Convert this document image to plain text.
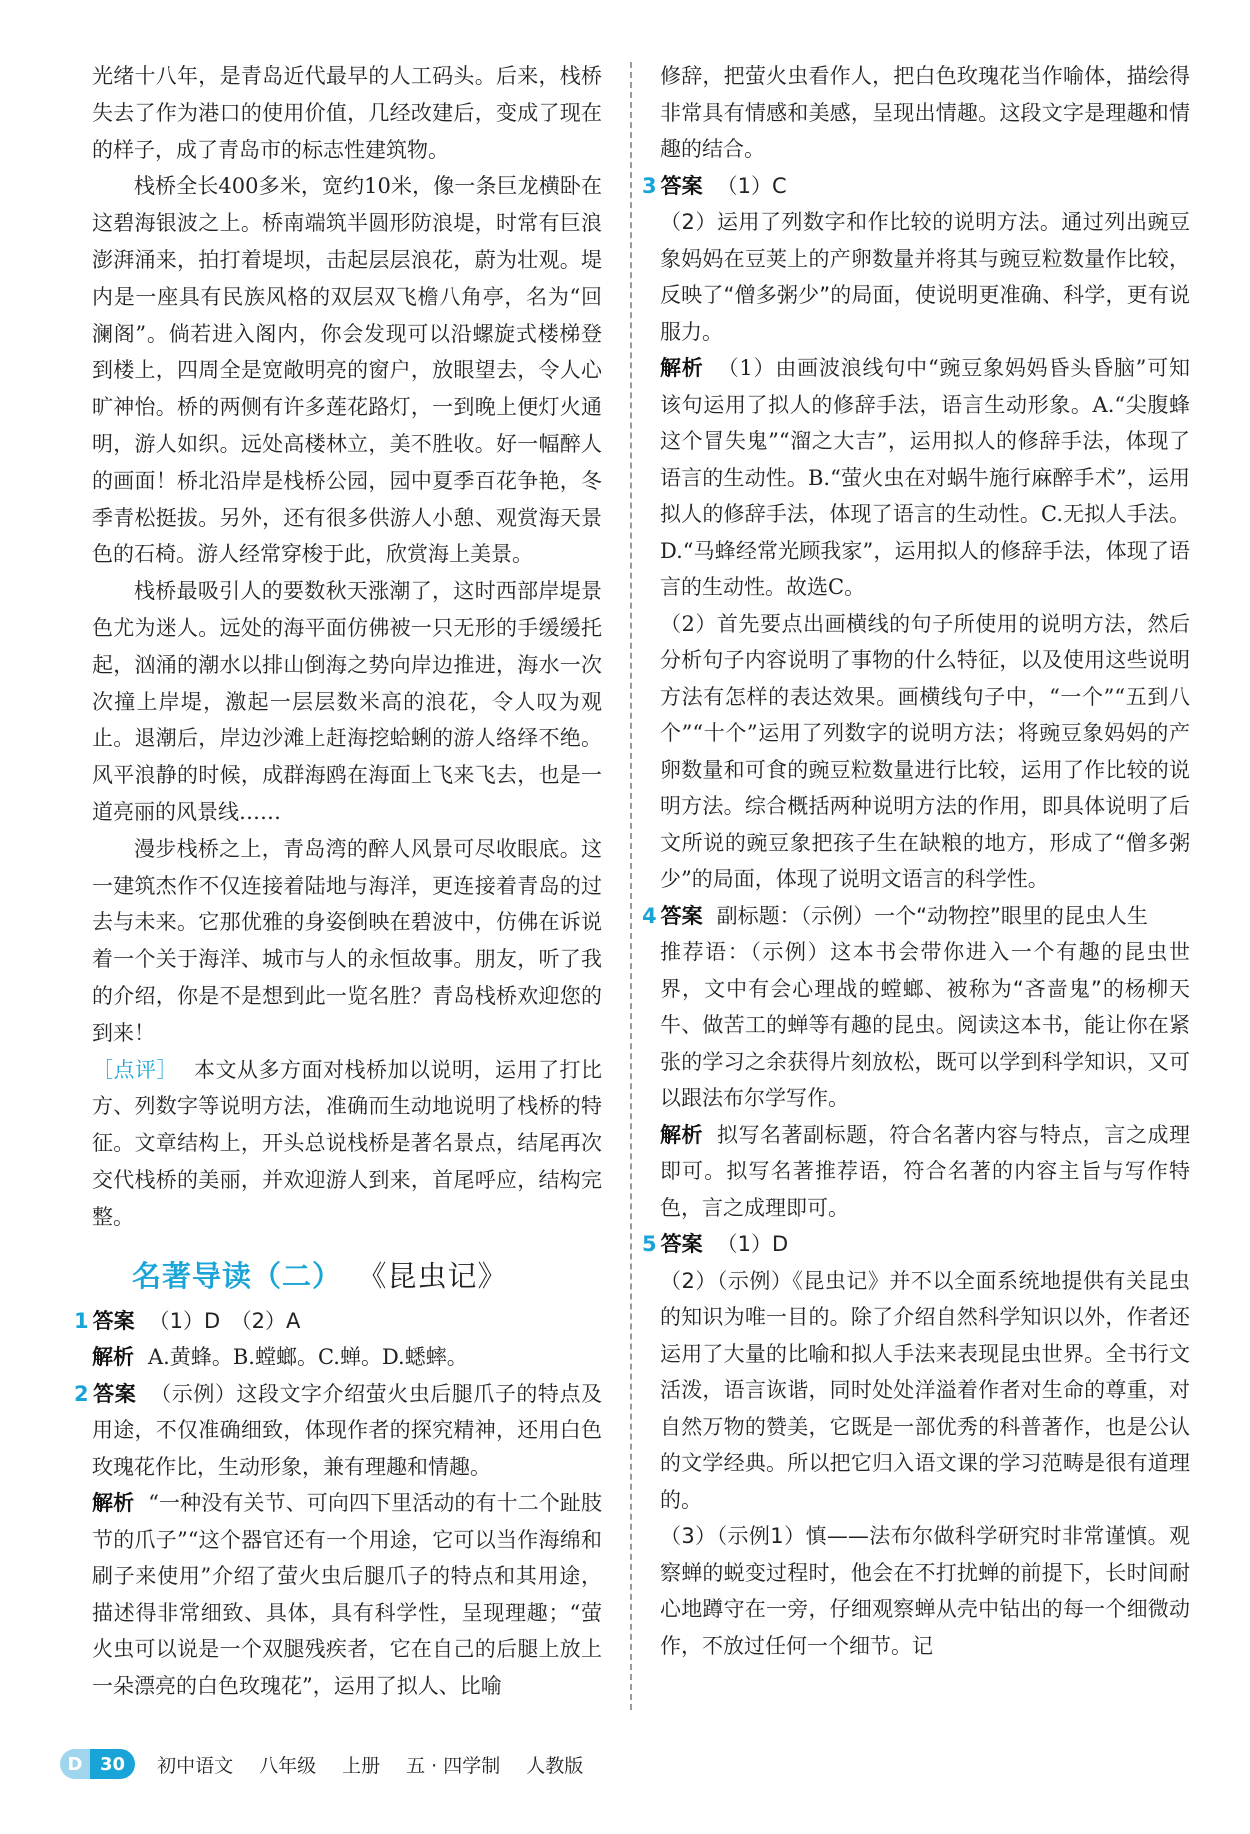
光绪十八年，是青岛近代最早的人工码头。后来，栈桥失去了作为港口的使用价值，几经改建后，变成了现在的样子，成了青岛市的标志性建筑物。

栈桥全长400多米，宽约10米，像一条巨龙横卧在这碧海银波之上。桥南端筑半圆形防浪堤，时常有巨浪澎湃涌来，拍打着堤坝，击起层层浪花，蔚为壮观。堤内是一座具有民族风格的双层双飞檐八角亭，名为“回澜阁”。倘若进入阁内，你会发现可以沿螺旋式楼梯登到楼上，四周全是宽敞明亮的窗户，放眼望去，令人心旷神怡。桥的两侧有许多莲花路灯，一到晚上便灯火通明，游人如织。远处高楼林立，美不胜收。好一幅醉人的画面！桥北沿岸是栈桥公园，园中夏季百花争艳，冬季青松挺拔。另外，还有很多供游人小憩、观赏海天景色的石椅。游人经常穿梭于此，欣赏海上美景。

栈桥最吸引人的要数秋天涨潮了，这时西部岸堤景色尤为迷人。远处的海平面仿佛被一只无形的手缓缓托起，汹涌的潮水以排山倒海之势向岸边推进，海水一次次撞上岸堤，激起一层层数米高的浪花，令人叹为观止。退潮后，岸边沙滩上赶海挖蛤蜊的游人络绎不绝。风平浪静的时候，成群海鸥在海面上飞来飞去，也是一道亮丽的风景线……

漫步栈桥之上，青岛湾的醉人风景可尽收眼底。这一建筑杰作不仅连接着陆地与海洋，更连接着青岛的过去与未来。它那优雅的身姿倒映在碧波中，仿佛在诉说着一个关于海洋、城市与人的永恒故事。朋友，听了我的介绍，你是不是想到此一览名胜？青岛栈桥欢迎您的到来！

［点评］ 本文从多方面对栈桥加以说明，运用了打比方、列数字等说明方法，准确而生动地说明了栈桥的特征。文章结构上，开头总说栈桥是著名景点，结尾再次交代栈桥的美丽，并欢迎游人到来，首尾呼应，结构完整。

名著导读（二） 《昆虫记》

1 答案 （1）D　（2）A

解析 A.黄蜂。B.螳螂。C.蝉。D.蟋蟀。

2 答案 （示例）这段文字介绍萤火虫后腿爪子的特点及用途，不仅准确细致，体现作者的探究精神，还用白色玫瑰花作比，生动形象，兼有理趣和情趣。

解析 “一种没有关节、可向四下里活动的有十二个趾肢节的爪子”“这个器官还有一个用途，它可以当作海绵和刷子来使用”介绍了萤火虫后腿爪子的特点和其用途，描述得非常细致、具体，具有科学性，呈现理趣；“萤火虫可以说是一个双腿残疾者，它在自己的后腿上放上一朵漂亮的白色玫瑰花”，运用了拟人、比喻

修辞，把萤火虫看作人，把白色玫瑰花当作喻体，描绘得非常具有情感和美感，呈现出情趣。这段文字是理趣和情趣的结合。

3 答案 （1）C

（2）运用了列数字和作比较的说明方法。通过列出豌豆象妈妈在豆荚上的产卵数量并将其与豌豆粒数量作比较，反映了“僧多粥少”的局面，使说明更准确、科学，更有说服力。

解析 （1）由画波浪线句中“豌豆象妈妈昏头昏脑”可知该句运用了拟人的修辞手法，语言生动形象。A.“尖腹蜂这个冒失鬼”“溜之大吉”，运用拟人的修辞手法，体现了语言的生动性。B.“萤火虫在对蜗牛施行麻醉手术”，运用拟人的修辞手法，体现了语言的生动性。C.无拟人手法。D.“马蜂经常光顾我家”，运用拟人的修辞手法，体现了语言的生动性。故选C。

（2）首先要点出画横线的句子所使用的说明方法，然后分析句子内容说明了事物的什么特征，以及使用这些说明方法有怎样的表达效果。画横线句子中，“一个”“五到八个”“十个”运用了列数字的说明方法；将豌豆象妈妈的产卵数量和可食的豌豆粒数量进行比较，运用了作比较的说明方法。综合概括两种说明方法的作用，即具体说明了后文所说的豌豆象把孩子生在缺粮的地方，形成了“僧多粥少”的局面，体现了说明文语言的科学性。

4 答案 副标题：（示例）一个“动物控”眼里的昆虫人生

推荐语：（示例）这本书会带你进入一个有趣的昆虫世界，文中有会心理战的螳螂、被称为“吝啬鬼”的杨柳天牛、做苦工的蝉等有趣的昆虫。阅读这本书，能让你在紧张的学习之余获得片刻放松，既可以学到科学知识，又可以跟法布尔学写作。

解析 拟写名著副标题，符合名著内容与特点，言之成理即可。拟写名著推荐语，符合名著的内容主旨与写作特色，言之成理即可。

5 答案 （1）D

（2）（示例）《昆虫记》并不以全面系统地提供有关昆虫的知识为唯一目的。除了介绍自然科学知识以外，作者还运用了大量的比喻和拟人手法来表现昆虫世界。全书行文活泼，语言诙谐，同时处处洋溢着作者对生命的尊重，对自然万物的赞美，它既是一部优秀的科普著作，也是公认的文学经典。所以把它归入语文课的学习范畴是很有道理的。

（3）（示例1）慎——法布尔做科学研究时非常谨慎。观察蝉的蜕变过程时，他会在不打扰蝉的前提下，长时间耐心地蹲守在一旁，仔细观察蝉从壳中钻出的每一个细微动作，不放过任何一个细节。记

D 30	初中语文 八年级 上册 五 · 四学制 人教版
